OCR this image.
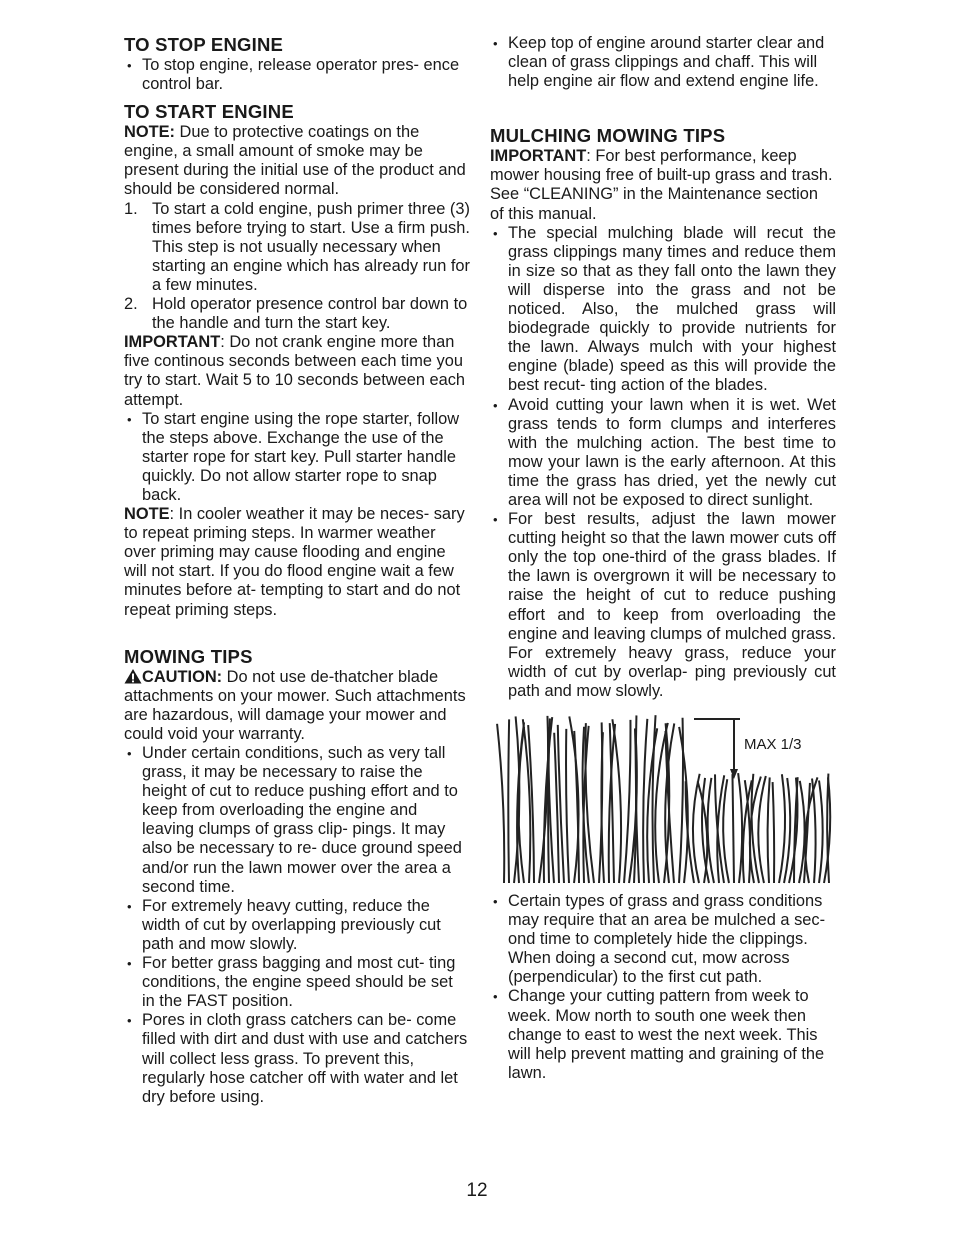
TO STOP ENGINE
• To stop engine, release operator pres- ence control bar.
TO START ENGINE

NOTE: Due to protective coatings on the engine, a small amount of smoke may be present during the initial use of the product and should be considered normal.

1. To start a cold engine, push primer three (3) times before trying to start. Use a firm push. This step is not usually necessary when starting an engine which has already run for a few minutes.
2. Hold operator presence control bar down to the handle and turn the start key.

IMPORTANT: Do not crank engine more than five continous seconds between each time you try to start. Wait 5 to 10 seconds between each attempt.

• To start engine using the rope starter, follow the steps above. Exchange the use of the starter rope for start key. Pull starter handle quickly. Do not allow starter rope to snap back.

NOTE: In cooler weather it may be neces- sary to repeat priming steps. In warmer weather over priming may cause flooding and engine will not start. If you do flood engine wait a few minutes before at- tempting to start and do not repeat priming steps.

MOWING TIPS

CAUTION: Do not use de-thatcher blade attachments on your mower. Such attachments are hazardous, will damage your mower and could void your warranty.

• Under certain conditions, such as very tall grass, it may be necessary to raise the height of cut to reduce pushing effort and to keep from overloading the engine and leaving clumps of grass clip- pings. It may also be necessary to re- duce ground speed and/or run the lawn mower over the area a second time.
• For extremely heavy cutting, reduce the width of cut by overlapping previously cut path and mow slowly.
• For better grass bagging and most cut- ting conditions, the engine speed should be set in the FAST position.
• Pores in cloth grass catchers can be- come filled with dirt and dust with use and catchers will collect less grass. To prevent this, regularly hose catcher off with water and let dry before using.
• Keep top of engine around starter clear and clean of grass clippings and chaff. This will help engine air flow and extend engine life.
MULCHING MOWING TIPS

IMPORTANT: For best performance, keep mower housing free of built-up grass and trash. See “CLEANING” in the Maintenance section of this manual.

• The special mulching blade will recut the grass clippings many times and reduce them in size so that as they fall onto the lawn they will disperse into the grass and not be noticed. Also, the mulched grass will biodegrade quickly to provide nutrients for the lawn. Always mulch with your highest engine (blade) speed as this will provide the best recut- ting action of the blades.
• Avoid cutting your lawn when it is wet. Wet grass tends to form clumps and interferes with the mulching action. The best time to mow your lawn is the early afternoon. At this time the grass has dried, yet the newly cut area will not be exposed to direct sunlight.
• For best results, adjust the lawn mower cutting height so that the lawn mower cuts off only the top one-third of the grass blades. If the lawn is overgrown it will be necessary to raise the height of cut to reduce pushing effort and to keep from overloading the engine and leaving clumps of mulched grass. For extremely heavy grass, reduce your width of cut by overlap- ping previously cut path and mow slowly.
MAX 1/3
• Certain types of grass and grass conditions may require that an area be mulched a sec- ond time to completely hide the clippings. When doing a second cut, mow across (perpendicular) to the first cut path.
• Change your cutting pattern from week to week. Mow north to south one week then change to east to west the next week. This will help prevent matting and graining of the lawn.
12
